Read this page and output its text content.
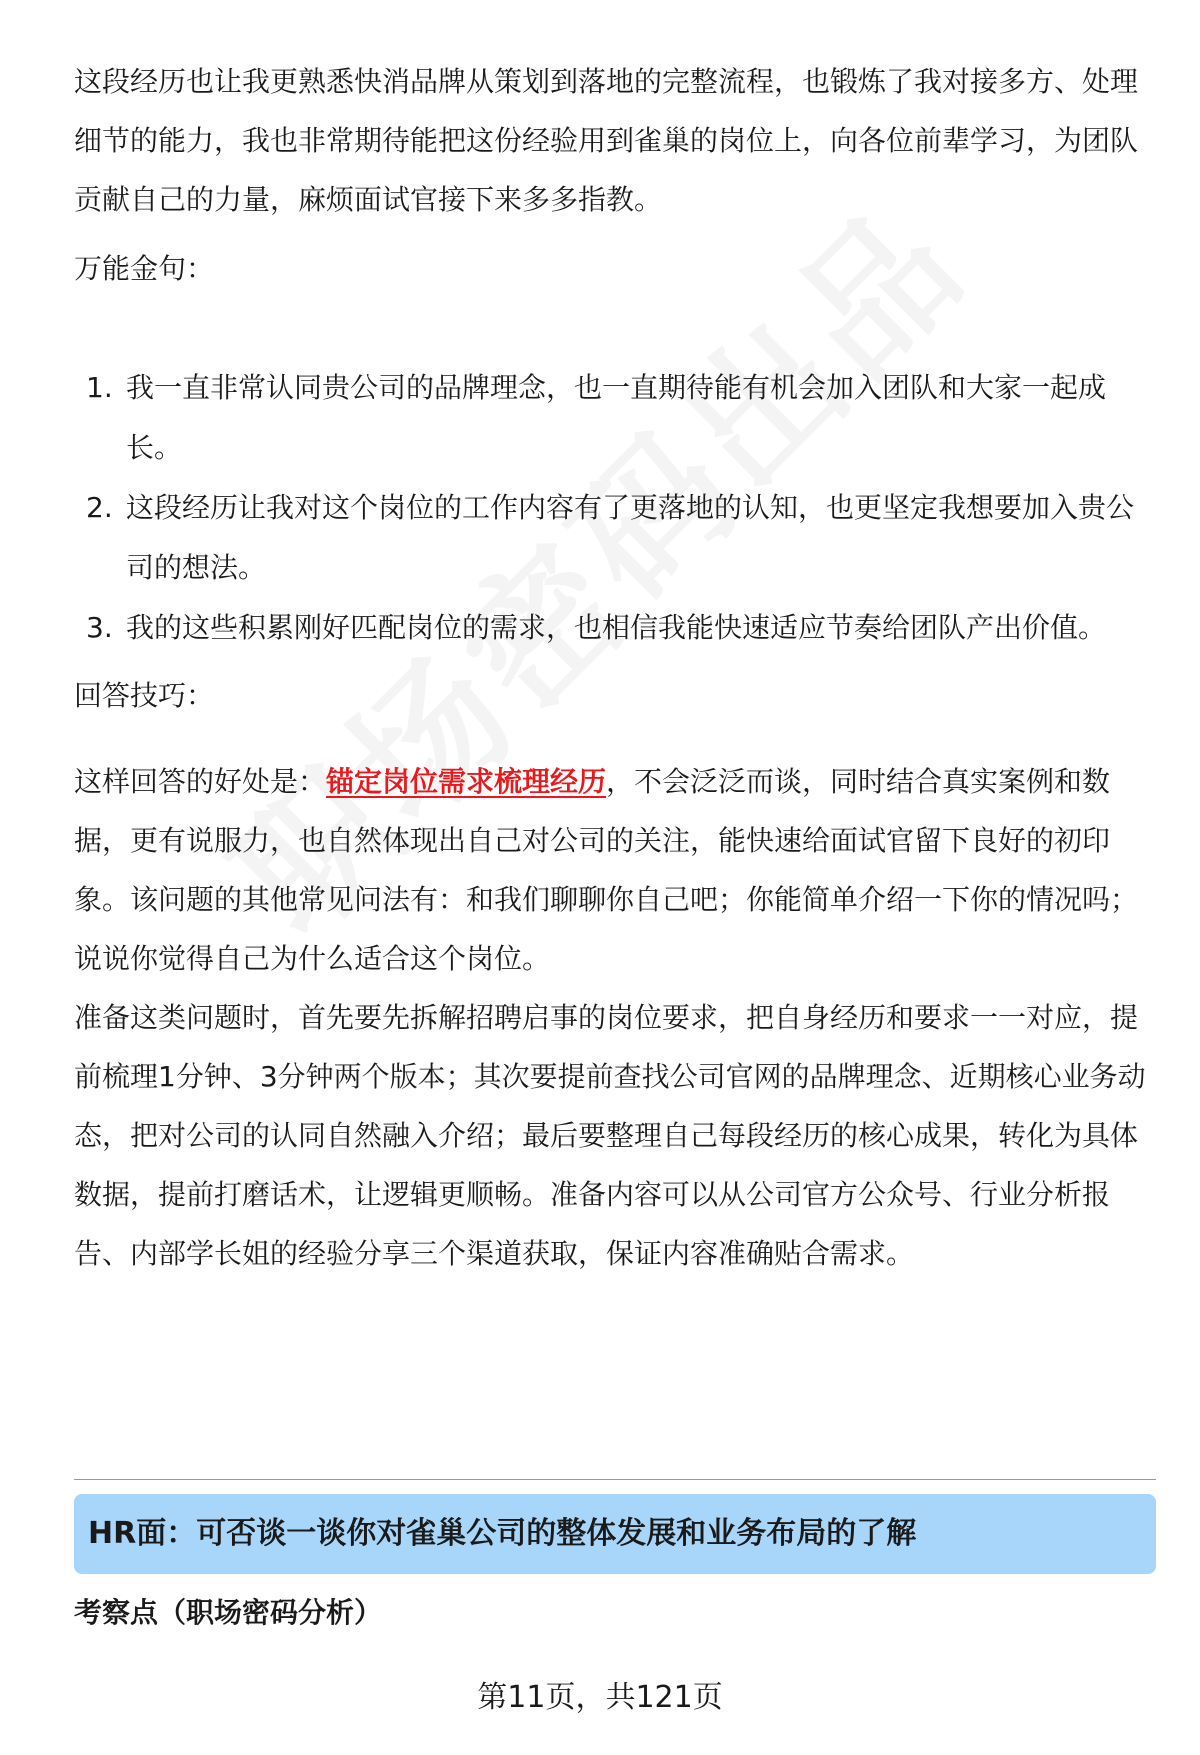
这段经历也让我更熟悉快消品牌从策划到落地的完整流程，也锻炼了我对接多方、处理细节的能力，我也非常期待能把这份经验用到雀巢的岗位上，向各位前辈学习，为团队贡献自己的力量，麻烦面试官接下来多多指教。

万能金句：
1. 我一直非常认同贵公司的品牌理念，也一直期待能有机会加入团队和大家一起成长。
2. 这段经历让我对这个岗位的工作内容有了更落地的认知，也更坚定我想要加入贵公司的想法。
3. 我的这些积累刚好匹配岗位的需求，也相信我能快速适应节奏给团队产出价值。
回答技巧：

这样回答的好处是：锚定岗位需求梳理经历，不会泛泛而谈，同时结合真实案例和数据，更有说服力，也自然体现出自己对公司的关注，能快速给面试官留下良好的初印象。该问题的其他常见问法有：和我们聊聊你自己吧；你能简单介绍一下你的情况吗；说说你觉得自己为什么适合这个岗位。

准备这类问题时，首先要先拆解招聘启事的岗位要求，把自身经历和要求一一对应，提前梳理1分钟、3分钟两个版本；其次要提前查找公司官网的品牌理念、近期核心业务动态，把对公司的认同自然融入介绍；最后要整理自己每段经历的核心成果，转化为具体数据，提前打磨话术，让逻辑更顺畅。准备内容可以从公司官方公众号、行业分析报告、内部学长姐的经验分享三个渠道获取，保证内容准确贴合需求。

HR面：可否谈一谈你对雀巢公司的整体发展和业务布局的了解
考察点（职场密码分析）
第11页，共121页
